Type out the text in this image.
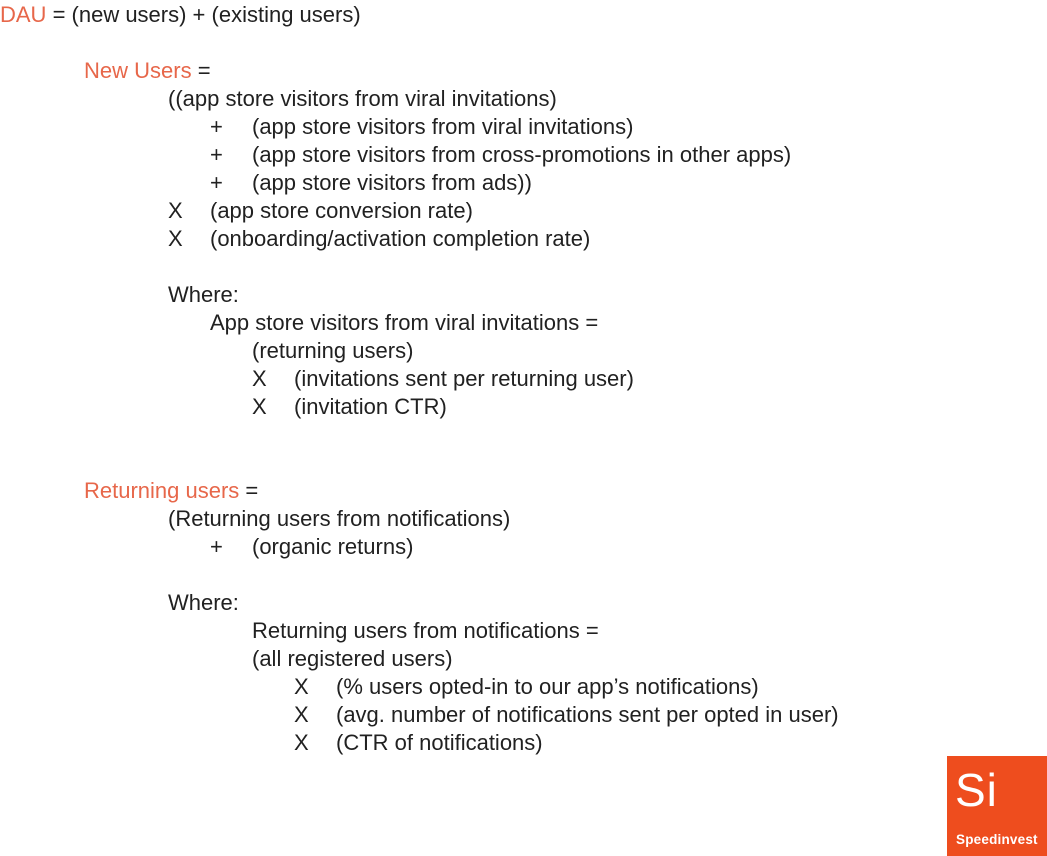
DAU = (new users) + (existing users)
New Users =
((app store visitors from viral invitations)
+ (app store visitors from viral invitations)
+ (app store visitors from cross-promotions in other apps)
+ (app store visitors from ads))
X (app store conversion rate)
X (onboarding/activation completion rate)
Where:
App store visitors from viral invitations =
(returning users)
X (invitations sent per returning user)
X (invitation CTR)
Returning users =
(Returning users from notifications)
+ (organic returns)
Where:
Returning users from notifications =
(all registered users)
X (% users opted-in to our app’s notifications)
X (avg. number of notifications sent per opted in user)
X (CTR of notifications)
Si
Speedinvest
